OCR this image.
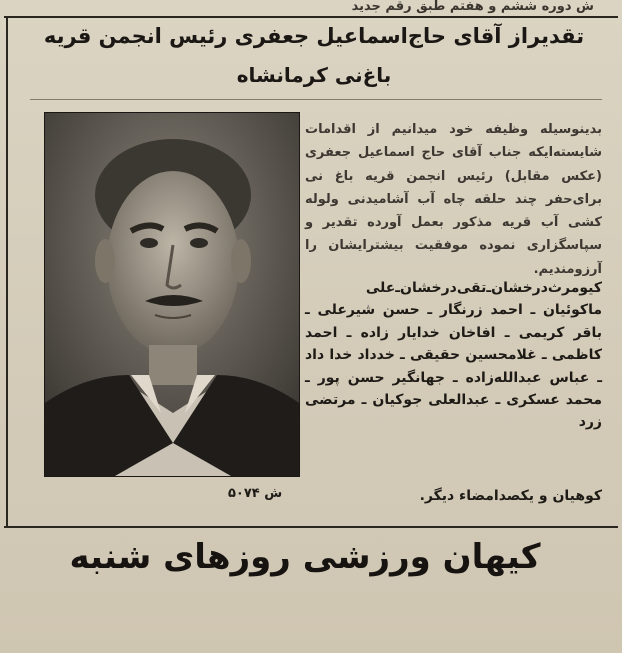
ش دوره ششم و هفتم طبق رقم جدید
تقدیراز آقای حاج‌اسماعیل جعفری رئیس انجمن قریه
باغ‌نی کرمانشاه
بدینوسیله وظیفه خود میدانیم از اقدامات شایسته‌ایکه جناب آقای حاج اسماعیل جعفری (عکس مقابل) رئیس انجمن قریه باغ نی برای‌حفر چند حلقه چاه آب آشامیدنی ولوله کشی آب قریه مذکور بعمل آورده تقدیر و سپاسگزاری نموده موفقیت بیشتر‌ایشان را آرزومندیم.
کیومرث‌درخشان‌ـ‌تقی‌درخشان‌ـ‌علی ماکوئیان ـ احمد زرنگار ـ حسن شیرعلی ـ باقر کریمی ـ افاخان خدایار زاده ـ احمد کاظمی ـ غلامحسین حقیقی ـ خدداد خدا داد ـ عباس عبدالله‌زاده ـ جهانگیر حسن پور ـ محمد عسکری ـ عبدالعلی جوکیان ـ مرتضی زرد
کوهیان و یکصدامضاء دیگر.
ش ۵۰۷۴
کیهان ورزشی روزهای شنبه
